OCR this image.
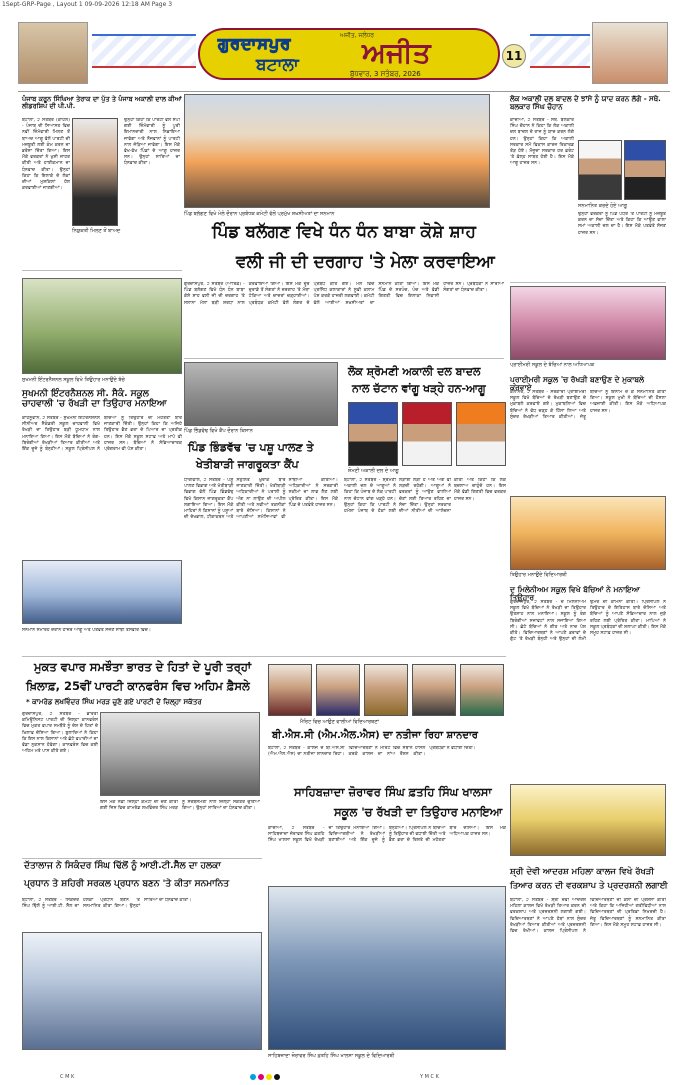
1Sept-GRP-Page , Layout 1 09-09-2026 12:18 AM Page 3
ਗੁਰਦਾਸਪੁਰ
ਬਟਾਲਾ
ਅਜੀਤ, ਜਲੰਧਰ
ਅਜੀਤ
ਬੁੱਧਵਾਰ, 3 ਸਤੰਬਰ, 2026
11
ਪੰਜਾਬ ਕਰੂਨ ਸਿੰਘਿਆ ਤੇਰਾਕ ਦਾ ਪੁੱਤ ਤੇ ਪੰਜਾਬ ਅਕਾਲੀ ਦਾਲ ਕੀਆਂ ਲੀਡਰਸ਼ਿਪ ਦੀ ਪੀ.ਪੀ.
ਬਟਾਲਾ, ੨ ਸਤੰਬਰ (ਕਾਹਲੋਂ) - ਪੰਜਾਬ ਦੀ ਸਿਆਸਤ ਵਿਚ ਨਵੀਂ ਜ਼ਿੰਮੇਵਾਰੀ ਮਿਲਣ ਤੋਂ ਬਾਅਦ ਆਗੂ ਵੱਲੋਂ ਪਾਰਟੀ ਦੀ ਮਜ਼ਬੂਤੀ ਲਈ ਕੰਮ ਕਰਨ ਦਾ ਭਰੋਸਾ ਦਿੱਤਾ ਗਿਆ। ਇਸ ਮੌਕੇ ਵਰਕਰਾਂ ਨੇ ਖੁਸ਼ੀ ਜ਼ਾਹਰ ਕੀਤੀ ਅਤੇ ਹਾਈਕਮਾਨ ਦਾ ਧੰਨਵਾਦ ਕੀਤਾ। ਉਨ੍ਹਾਂ ਕਿਹਾ ਕਿ ਇਲਾਕੇ ਦੇ ਲੋਕਾਂ ਦੀਆਂ ਮੁਸ਼ਕਿਲਾਂ ਹੱਲ ਕਰਵਾਈਆਂ ਜਾਣਗੀਆਂ।
ਨਿਯੁਕਤੀ ਮਿਲਣ ਤੋਂ ਬਾਅਦ
ਉਨ੍ਹਾਂ ਕਿਹਾ ਕਿ ਪਾਰਟੀ ਵੱਲੋਂ ਸੌਂਪੀ ਗਈ ਜ਼ਿੰਮੇਵਾਰੀ ਨੂੰ ਪੂਰੀ ਇਮਾਨਦਾਰੀ ਨਾਲ ਨਿਭਾਇਆ ਜਾਵੇਗਾ ਅਤੇ ਨੌਜਵਾਨਾਂ ਨੂੰ ਪਾਰਟੀ ਨਾਲ ਜੋੜਿਆ ਜਾਵੇਗਾ। ਇਸ ਮੌਕੇ ਵੱਖ-ਵੱਖ ਪਿੰਡਾਂ ਦੇ ਆਗੂ ਹਾਜ਼ਰ ਸਨ। ਉਨ੍ਹਾਂ ਸਾਰਿਆਂ ਦਾ ਧੰਨਵਾਦ ਕੀਤਾ।
ਸੁਖਮਨੀ ਇੰਟਰਨੈਸ਼ਨਲ ਸਕੂਲ ਵਿਖੇ ਤਿਉਹਾਰ ਮਨਾਉਂਦੇ ਬੱਚੇ
ਸੁਖਮਨੀ ਇੰਟਰਨੈਸ਼ਨਲ ਸੀ. ਸੈਕੰ. ਸਕੂਲ ਚਾਹਵਾਲੀ 'ਚ ਰੱਖੜੀ ਦਾ ਤਿਉਹਾਰ ਮਨਾਇਆ
ਕਾਹਨੂੰਵਾਨ, ੨ ਸਤੰਬਰ - ਸੁਖਮਨੀ ਇੰਟਰਨੈਸ਼ਨਲ ਸੀਨੀਅਰ ਸੈਕੰਡਰੀ ਸਕੂਲ ਚਾਹਵਾਲੀ ਵਿਖੇ ਰੱਖੜੀ ਦਾ ਤਿਉਹਾਰ ਬੜੀ ਧੂਮਧਾਮ ਨਾਲ ਮਨਾਇਆ ਗਿਆ। ਇਸ ਮੌਕੇ ਬੱਚਿਆਂ ਨੇ ਰੰਗ-ਬਿਰੰਗੀਆਂ ਰੱਖੜੀਆਂ ਤਿਆਰ ਕੀਤੀਆਂ ਅਤੇ ਇੱਕ ਦੂਜੇ ਨੂੰ ਬੰਨ੍ਹੀਆਂ। ਸਕੂਲ ਪ੍ਰਿੰਸੀਪਲ ਨੇ ਬੱਚਿਆਂ ਨੂੰ ਤਿਉਹਾਰ ਦੀ ਮਹੱਤਤਾ ਬਾਰੇ ਜਾਣਕਾਰੀ ਦਿੱਤੀ। ਉਨ੍ਹਾਂ ਕਿਹਾ ਕਿ ਅਜਿਹੇ ਤਿਉਹਾਰ ਭੈਣ ਭਰਾ ਦੇ ਪਿਆਰ ਦਾ ਪ੍ਰਤੀਕ ਹਨ। ਇਸ ਮੌਕੇ ਸਕੂਲ ਸਟਾਫ਼ ਅਤੇ ਮਾਪੇ ਵੀ ਹਾਜ਼ਰ ਸਨ। ਬੱਚਿਆਂ ਨੇ ਸੱਭਿਆਚਾਰਕ ਪ੍ਰੋਗਰਾਮ ਵੀ ਪੇਸ਼ ਕੀਤਾ।
ਸਨਮਾਨ ਸਮਾਰੋਹ ਦੌਰਾਨ ਹਾਜ਼ਰ ਆਗੂ ਅਤੇ ਪਤਵੰਤੇ ਸੱਜਣ ਸਾਂਝੀ ਤਸਵੀਰ ਵਿਚ।
ਪਿੰਡ ਬਲੱਗਣ ਵਿਖੇ ਮੇਲੇ ਦੌਰਾਨ ਪ੍ਰਬੰਧਕ ਕਮੇਟੀ ਵੱਲੋਂ ਪ੍ਰਮੁੱਖ ਸ਼ਖ਼ਸੀਅਤਾਂ ਦਾ ਸਨਮਾਨ
ਪਿੰਡ ਬਲੱਗਣ ਵਿਖੇ ਧੰਨ ਧੰਨ ਬਾਬਾ ਕੋਸ਼ੇ ਸ਼ਾਹ
ਵਲੀ ਜੀ ਦੀ ਦਰਗਾਹ 'ਤੇ ਮੇਲਾ ਕਰਵਾਇਆ
ਗੁਰਦਾਸਪੁਰ, ੨ ਸਤੰਬਰ (ਆਰਿਫ਼) - ਪਿੰਡ ਬਲੱਗਣ ਵਿਖੇ ਧੰਨ ਧੰਨ ਬਾਬਾ ਕੋਸ਼ੇ ਸ਼ਾਹ ਵਲੀ ਜੀ ਦੀ ਦਰਗਾਹ 'ਤੇ ਸਲਾਨਾ ਮੇਲਾ ਬੜੀ ਸ਼ਰਧਾ ਨਾਲ ਕਰਵਾਇਆ ਗਿਆ। ਇਸ ਮੌਕੇ ਦੂਰ ਦੁਰਾਡੇ ਤੋਂ ਸੰਗਤਾਂ ਨੇ ਦਰਗਾਹ 'ਤੇ ਮੱਥਾ ਟੇਕਿਆ ਅਤੇ ਚਾਦਰਾਂ ਚੜ੍ਹਾਈਆਂ। ਪ੍ਰਬੰਧਕ ਕਮੇਟੀ ਵੱਲੋਂ ਲੰਗਰ ਦੇ ਪ੍ਰਬੰਧ ਕੀਤੇ ਗਏ। ਮੇਲੇ ਵਿਚ ਪ੍ਰਸਿੱਧ ਕਲਾਕਾਰਾਂ ਨੇ ਸੂਫ਼ੀ ਕਲਾਮ ਪੇਸ਼ ਕਰਕੇ ਹਾਜ਼ਰੀ ਲਗਵਾਈ। ਕਮੇਟੀ ਵੱਲੋਂ ਆਈਆਂ ਸ਼ਖ਼ਸੀਅਤਾਂ ਦਾ ਸਨਮਾਨ ਕੀਤਾ ਗਿਆ। ਇਸ ਮੌਕੇ ਪਿੰਡ ਦੇ ਸਰਪੰਚ, ਪੰਚ ਅਤੇ ਵੱਡੀ ਗਿਣਤੀ ਵਿਚ ਇਲਾਕਾ ਨਿਵਾਸੀ ਹਾਜ਼ਰ ਸਨ। ਪ੍ਰਬੰਧਕਾਂ ਨੇ ਸਾਰੀਆਂ ਸੰਗਤਾਂ ਦਾ ਧੰਨਵਾਦ ਕੀਤਾ।
ਪਿੰਡ ਭਿੰਡਵੱਢ ਵਿਖੇ ਕੈਂਪ ਦੌਰਾਨ ਕਿਸਾਨ
ਪਿੰਡ ਭਿੰਡਵੱਢ 'ਚ ਪਸ਼ੂ ਪਾਲਣ ਤੇ
ਖੇਤੀਬਾੜੀ ਜਾਗਰੂਕਤਾ ਕੈਂਪ
ਧਾਰੀਵਾਲ, ੨ ਸਤੰਬਰ - ਪਸ਼ੂ ਪਾਲਣ ਵਿਭਾਗ ਅਤੇ ਖੇਤੀਬਾੜੀ ਵਿਭਾਗ ਵੱਲੋਂ ਪਿੰਡ ਭਿੰਡਵੱਢ ਵਿਖੇ ਕਿਸਾਨ ਜਾਗਰੂਕਤਾ ਕੈਂਪ ਲਗਾਇਆ ਗਿਆ। ਇਸ ਮੌਕੇ ਮਾਹਿਰਾਂ ਨੇ ਕਿਸਾਨਾਂ ਨੂੰ ਪਸ਼ੂਆਂ ਦੀ ਦੇਖਭਾਲ, ਟੀਕਾਕਰਨ ਅਤੇ ਸੰਤੁਲਿਤ ਖ਼ੁਰਾਕ ਬਾਰੇ ਜਾਣਕਾਰੀ ਦਿੱਤੀ। ਖੇਤੀਬਾੜੀ ਅਧਿਕਾਰੀਆਂ ਨੇ ਪਰਾਲੀ ਨੂੰ ਅੱਗ ਨਾ ਲਾਉਣ ਦੀ ਅਪੀਲ ਕੀਤੀ ਅਤੇ ਨਵੀਆਂ ਤਕਨੀਕਾਂ ਬਾਰੇ ਦੱਸਿਆ। ਕਿਸਾਨਾਂ ਨੇ ਆਪਣੀਆਂ ਸਮੱਸਿਆਵਾਂ ਵੀ ਸਾਂਝੀਆਂ ਕੀਤੀਆਂ। ਅਧਿਕਾਰੀਆਂ ਨੇ ਸਰਕਾਰੀ ਸਕੀਮਾਂ ਦਾ ਲਾਭ ਲੈਣ ਲਈ ਪ੍ਰੇਰਿਤ ਕੀਤਾ। ਇਸ ਮੌਕੇ ਪਿੰਡ ਦੇ ਪਤਵੰਤੇ ਹਾਜ਼ਰ ਸਨ।
ਲੋਕ ਸ਼੍ਰੋਮਣੀ ਅਕਾਲੀ ਦਲ ਬਾਦਲ
ਨਾਲ ਚੱਟਾਨ ਵਾਂਗੂ ਖੜ੍ਹੇ ਹਨ-ਆਗੂ
ਸ਼ੋਮਣੀ ਅਕਾਲੀ ਦਲ ਦੇ ਆਗੂ
ਬਟਾਲਾ, ੨ ਸਤੰਬਰ - ਸ਼੍ਰੋਮਣੀ ਅਕਾਲੀ ਦਲ ਦੇ ਆਗੂਆਂ ਨੇ ਕਿਹਾ ਕਿ ਪੰਜਾਬ ਦੇ ਲੋਕ ਪਾਰਟੀ ਨਾਲ ਚੱਟਾਨ ਵਾਂਗ ਖੜ੍ਹੇ ਹਨ। ਉਨ੍ਹਾਂ ਕਿਹਾ ਕਿ ਪਾਰਟੀ ਨੇ ਹਮੇਸ਼ਾ ਪੰਜਾਬ ਦੇ ਹੱਕਾਂ ਲਈ ਲੜਾਈ ਲੜੀ ਹੈ ਅਤੇ ਅੱਗੇ ਵੀ ਲੜਦੀ ਰਹੇਗੀ। ਆਗੂਆਂ ਨੇ ਵਰਕਰਾਂ ਨੂੰ ਆਉਣ ਵਾਲੀਆਂ ਚੋਣਾਂ ਲਈ ਤਿਆਰ ਰਹਿਣ ਦਾ ਸੱਦਾ ਦਿੱਤਾ। ਉਨ੍ਹਾਂ ਸਰਕਾਰ ਦੀਆਂ ਨੀਤੀਆਂ ਦੀ ਆਲੋਚਨਾ ਕੀਤੀ ਅਤੇ ਕਿਹਾ ਕਿ ਲੋਕ ਬਦਲਾਅ ਚਾਹੁੰਦੇ ਹਨ। ਇਸ ਮੌਕੇ ਵੱਡੀ ਗਿਣਤੀ ਵਿਚ ਵਰਕਰ ਹਾਜ਼ਰ ਸਨ।
ਲੋਕ ਅਕਾਲੀ ਦਲ ਬਾਦਲ ਦੇ ਝਾਂਸੇ ਨੂੰ ਯਾਦ ਕਰਨ ਲੱਗੇ - ਸਥੇ. ਬਲਕਾਰ ਸਿੰਘ ਚੌਹਾਨ
ਕਾਦੀਆਂ, ੨ ਸਤੰਬਰ - ਸਥੇ. ਬਲਕਾਰ ਸਿੰਘ ਚੌਹਾਨ ਨੇ ਕਿਹਾ ਕਿ ਲੋਕ ਅਕਾਲੀ ਦਲ ਬਾਦਲ ਦੇ ਰਾਜ ਨੂੰ ਯਾਦ ਕਰਨ ਲੱਗੇ ਹਨ। ਉਨ੍ਹਾਂ ਕਿਹਾ ਕਿ ਅਕਾਲੀ ਸਰਕਾਰ ਸਮੇਂ ਵਿਕਾਸ ਕਾਰਜ ਰਿਕਾਰਡ ਤੋੜ ਹੋਏ। ਮੌਜੂਦਾ ਸਰਕਾਰ ਹਰ ਫ਼ਰੰਟ 'ਤੇ ਫ਼ੇਲ੍ਹ ਸਾਬਤ ਹੋਈ ਹੈ। ਇਸ ਮੌਕੇ ਆਗੂ ਹਾਜ਼ਰ ਸਨ।
ਸਨਮਾਨਿਤ ਕਰਦੇ ਹੋਏ ਆਗੂ
ਉਨ੍ਹਾਂ ਵਰਕਰਾਂ ਨੂੰ ਪਿੰਡ ਪੱਧਰ 'ਤੇ ਪਾਰਟੀ ਨੂੰ ਮਜ਼ਬੂਤ ਕਰਨ ਦਾ ਸੱਦਾ ਦਿੱਤਾ ਅਤੇ ਕਿਹਾ ਕਿ ਆਉਣ ਵਾਲਾ ਸਮਾਂ ਅਕਾਲੀ ਦਲ ਦਾ ਹੈ। ਇਸ ਮੌਕੇ ਪਤਵੰਤੇ ਸੱਜਣ ਹਾਜ਼ਰ ਸਨ।
ਪ੍ਰਾਈਮਰੀ ਸਕੂਲ ਦੇ ਬੱਚਿਆਂ ਨਾਲ ਅਧਿਆਪਕ
ਪ੍ਰਾਈਮਰੀ ਸਕੂਲ 'ਚ ਰੱਖੜੀ ਬਣਾਉਣ ਦੇ ਮੁਕਾਬਲੇ ਕਰਵਾਏ
ਕਲਾਨੌਰ, ੨ ਸਤੰਬਰ - ਸਰਕਾਰੀ ਪ੍ਰਾਈਮਰੀ ਸਕੂਲ ਵਿਖੇ ਬੱਚਿਆਂ ਦੇ ਰੱਖੜੀ ਬਣਾਉਣ ਦੇ ਮੁਕਾਬਲੇ ਕਰਵਾਏ ਗਏ। ਮੁਕਾਬਲਿਆਂ ਵਿਚ ਬੱਚਿਆਂ ਨੇ ਵੱਧ ਚੜ੍ਹ ਕੇ ਹਿੱਸਾ ਲਿਆ ਅਤੇ ਸੁੰਦਰ ਰੱਖੜੀਆਂ ਤਿਆਰ ਕੀਤੀਆਂ। ਜੇਤੂ ਬੱਚਿਆਂ ਨੂੰ ਇਨਾਮ ਦੇ ਕੇ ਸਨਮਾਨਿਤ ਕੀਤਾ ਗਿਆ। ਸਕੂਲ ਮੁਖੀ ਨੇ ਬੱਚਿਆਂ ਦੀ ਹੌਸਲਾ ਅਫ਼ਜ਼ਾਈ ਕੀਤੀ। ਇਸ ਮੌਕੇ ਅਧਿਆਪਕ ਹਾਜ਼ਰ ਸਨ।
ਤਿਉਹਾਰ ਮਨਾਉਂਦੇ ਵਿਦਿਆਰਥੀ
ਦ ਮਿਲੇਨੀਅਮ ਸਕੂਲ ਵਿਖੇ ਬੱਚਿਆਂ ਨੇ ਮਨਾਇਆ ਤਿਉਹਾਰ
ਗੁਰਦਾਸਪੁਰ, ੨ ਸਤੰਬਰ - ਦ ਮਿਲੇਨੀਅਮ ਸਕੂਲ ਵਿਖੇ ਬੱਚਿਆਂ ਨੇ ਰੱਖੜੀ ਦਾ ਤਿਉਹਾਰ ਉਤਸ਼ਾਹ ਨਾਲ ਮਨਾਇਆ। ਸਕੂਲ ਨੂੰ ਰੰਗ ਬਿਰੰਗੀਆਂ ਸਜਾਵਟਾਂ ਨਾਲ ਸਜਾਇਆ ਗਿਆ ਸੀ। ਛੋਟੇ ਬੱਚਿਆਂ ਨੇ ਗੀਤ ਅਤੇ ਨਾਚ ਪੇਸ਼ ਕੀਤੇ। ਵਿਦਿਆਰਥਣਾਂ ਨੇ ਆਪਣੇ ਭਰਾਵਾਂ ਦੇ ਗੁੱਟ 'ਤੇ ਰੱਖੜੀ ਬੰਨ੍ਹੀ ਅਤੇ ਉਨ੍ਹਾਂ ਦੀ ਲੰਮੀ ਉਮਰ ਦੀ ਕਾਮਨਾ ਕੀਤੀ। ਪ੍ਰਿੰਸੀਪਲ ਨੇ ਤਿਉਹਾਰ ਦੇ ਇਤਿਹਾਸ ਬਾਰੇ ਦੱਸਿਆ ਅਤੇ ਬੱਚਿਆਂ ਨੂੰ ਆਪਣੇ ਸੱਭਿਆਚਾਰ ਨਾਲ ਜੁੜੇ ਰਹਿਣ ਲਈ ਪ੍ਰੇਰਿਤ ਕੀਤਾ। ਮਾਪਿਆਂ ਨੇ ਸਕੂਲ ਪ੍ਰਬੰਧਕਾਂ ਦੀ ਸ਼ਲਾਘਾ ਕੀਤੀ। ਇਸ ਮੌਕੇ ਸਮੂਹ ਸਟਾਫ਼ ਹਾਜ਼ਰ ਸੀ।
ਸ਼੍ਰੀ ਦੇਵੀ ਆਦਰਸ਼ ਮਹਿਲਾ ਕਾਲਜ ਵਿਖੇ ਰੱਖੜੀ
ਤਿਆਰ ਕਰਨ ਦੀ ਵਰਕਸ਼ਾਪ ਤੇ ਪ੍ਰਦਰਸ਼ਨੀ ਲਗਾਈ
ਬਟਾਲਾ, ੨ ਸਤੰਬਰ - ਸ਼੍ਰੀ ਦੇਵੀ ਆਦਰਸ਼ ਮਹਿਲਾ ਕਾਲਜ ਵਿਖੇ ਰੱਖੜੀ ਤਿਆਰ ਕਰਨ ਦੀ ਵਰਕਸ਼ਾਪ ਅਤੇ ਪ੍ਰਦਰਸ਼ਨੀ ਲਗਾਈ ਗਈ। ਵਿਦਿਆਰਥਣਾਂ ਨੇ ਆਪਣੇ ਹੱਥਾਂ ਨਾਲ ਸੁੰਦਰ ਰੱਖੜੀਆਂ ਤਿਆਰ ਕੀਤੀਆਂ ਅਤੇ ਪ੍ਰਦਰਸ਼ਨੀ ਵਿਚ ਰੱਖੀਆਂ। ਕਾਲਜ ਪ੍ਰਿੰਸੀਪਲ ਨੇ ਵਿਦਿਆਰਥਣਾਂ ਦੀ ਕਲਾ ਦੀ ਪ੍ਰਸ਼ੰਸਾ ਕੀਤੀ ਅਤੇ ਕਿਹਾ ਕਿ ਅਜਿਹੀਆਂ ਗਤੀਵਿਧੀਆਂ ਨਾਲ ਵਿਦਿਆਰਥਣਾਂ ਦੀ ਪ੍ਰਤਿਭਾ ਨਿਖਰਦੀ ਹੈ। ਜੇਤੂ ਵਿਦਿਆਰਥਣਾਂ ਨੂੰ ਸਨਮਾਨਿਤ ਕੀਤਾ ਗਿਆ। ਇਸ ਮੌਕੇ ਸਮੂਹ ਸਟਾਫ਼ ਹਾਜ਼ਰ ਸੀ।
ਮੁਕਤ ਵਪਾਰ ਸਮਝੌਤਾ ਭਾਰਤ ਦੇ ਹਿਤਾਂ ਦੇ ਪੂਰੀ ਤਰ੍ਹਾਂ
ਖ਼ਿਲਾਫ਼, 25ਵੀਂ ਪਾਰਟੀ ਕਾਨਫਰੰਸ ਵਿਚ ਅਹਿਮ ਫ਼ੈਸਲੇ
* ਕਾਮਰੇਡ ਲਖਵਿੰਦਰ ਸਿੰਘ ਮਰੜ ਚੁਣੇ ਗਏ ਪਾਰਟੀ ਦੇ ਜ਼ਿਲ੍ਹਾ ਸਕੱਤਰ
ਗੁਰਦਾਸਪੁਰ, ੨ ਸਤੰਬਰ - ਭਾਰਤੀ ਕਮਿਊਨਿਸਟ ਪਾਰਟੀ ਦੀ ਜ਼ਿਲ੍ਹਾ ਕਾਨਫਰੰਸ ਵਿਚ ਮੁਕਤ ਵਪਾਰ ਸਮਝੌਤੇ ਨੂੰ ਦੇਸ਼ ਦੇ ਹਿਤਾਂ ਦੇ ਖ਼ਿਲਾਫ਼ ਦੱਸਿਆ ਗਿਆ। ਬੁਲਾਰਿਆਂ ਨੇ ਕਿਹਾ ਕਿ ਇਸ ਨਾਲ ਕਿਸਾਨਾਂ ਅਤੇ ਛੋਟੇ ਵਪਾਰੀਆਂ ਦਾ ਵੱਡਾ ਨੁਕਸਾਨ ਹੋਵੇਗਾ। ਕਾਨਫਰੰਸ ਵਿਚ ਕਈ ਅਹਿਮ ਮਤੇ ਪਾਸ ਕੀਤੇ ਗਏ।
ਇਸ ਮੌਕੇ ਨਵੀਂ ਜ਼ਿਲ੍ਹਾ ਕਮੇਟੀ ਦੀ ਚੋਣ ਕੀਤੀ ਗਈ ਜਿਸ ਵਿਚ ਕਾਮਰੇਡ ਲਖਵਿੰਦਰ ਸਿੰਘ ਮਰੜ ਨੂੰ ਸਰਬਸੰਮਤੀ ਨਾਲ ਜ਼ਿਲ੍ਹਾ ਸਕੱਤਰ ਚੁਣਿਆ ਗਿਆ। ਉਨ੍ਹਾਂ ਸਾਰਿਆਂ ਦਾ ਧੰਨਵਾਦ ਕੀਤਾ।
ਮੈਰਿਟ ਵਿਚ ਆਉਣ ਵਾਲੀਆਂ ਵਿਦਿਆਰਥਣਾਂ
ਬੀ.ਐਸ.ਸੀ (ਐਮ.ਐਲ.ਐਸ) ਦਾ ਨਤੀਜਾ ਰਿਹਾ ਸ਼ਾਨਦਾਰ
ਬਟਾਲਾ, ੨ ਸਤੰਬਰ - ਕਾਲਜ ਦੇ ਬੀ.ਐਸ.ਸੀ (ਐਮ.ਐਲ.ਐਸ) ਦਾ ਨਤੀਜਾ ਸ਼ਾਨਦਾਰ ਰਿਹਾ। ਵਿਦਿਆਰਥਣਾਂ ਨੇ ਮੈਰਿਟ ਵਿਚ ਸਥਾਨ ਹਾਸਲ ਕਰਕੇ ਕਾਲਜ ਦਾ ਨਾਂਅ ਰੌਸ਼ਨ ਕੀਤਾ। ਪ੍ਰਬੰਧਕਾਂ ਨੇ ਵਧਾਈ ਦਿੱਤੀ।
ਸਾਹਿਬਜ਼ਾਦਾ ਜ਼ੋਰਾਵਰ ਸਿੰਘ ਫ਼ਤਹਿ ਸਿੰਘ ਖਾਲਸਾ
ਸਕੂਲ 'ਚ ਰੱਖੜੀ ਦਾ ਤਿਉਹਾਰ ਮਨਾਇਆ
ਕਾਦੀਆਂ, ੨ ਸਤੰਬਰ - ਸਾਹਿਬਜ਼ਾਦਾ ਜ਼ੋਰਾਵਰ ਸਿੰਘ ਫ਼ਤਹਿ ਸਿੰਘ ਖਾਲਸਾ ਸਕੂਲ ਵਿਖੇ ਰੱਖੜੀ ਦਾ ਤਿਉਹਾਰ ਮਨਾਇਆ ਗਿਆ। ਵਿਦਿਆਰਥੀਆਂ ਨੇ ਰੱਖੜੀਆਂ ਬਣਾਈਆਂ ਅਤੇ ਇੱਕ ਦੂਜੇ ਨੂੰ ਬੰਨ੍ਹੀਆਂ। ਪ੍ਰਿੰਸੀਪਲ ਨੇ ਬੱਚਿਆਂ ਨੂੰ ਤਿਉਹਾਰ ਦੀ ਵਧਾਈ ਦਿੱਤੀ ਅਤੇ ਭੈਣ ਭਰਾ ਦੇ ਰਿਸ਼ਤੇ ਦੀ ਮਹੱਤਤਾ ਬਾਰੇ ਦੱਸਿਆ। ਇਸ ਮੌਕੇ ਅਧਿਆਪਕ ਹਾਜ਼ਰ ਸਨ।
ਸਾਹਿਬਜ਼ਾਦਾ ਜ਼ੋਰਾਵਰ ਸਿੰਘ ਫ਼ਤਹਿ ਸਿੰਘ ਖਾਲਸਾ ਸਕੂਲ ਦੇ ਵਿਦਿਆਰਥੀ
ਦੱਤਾਲਾਜ ਨੇ ਸਿਕੰਦਰ ਸਿੰਘ ਢਿੱਲੋਂ ਨੂੰ ਆਈ.ਟੀ.ਸੈੱਲ ਦਾ ਹਲਕਾ
ਪ੍ਰਧਾਨ ਤੇ ਸ਼ਹਿਰੀ ਸਰਕਲ ਪ੍ਰਧਾਨ ਬਣਨ 'ਤੇ ਕੀਤਾ ਸਨਮਾਨਿਤ
ਬਟਾਲਾ, ੨ ਸਤੰਬਰ - ਸਿਕੰਦਰ ਸਿੰਘ ਢਿੱਲੋਂ ਨੂੰ ਆਈ.ਟੀ. ਸੈੱਲ ਦਾ ਹਲਕਾ ਪ੍ਰਧਾਨ ਬਣਨ 'ਤੇ ਸਨਮਾਨਿਤ ਕੀਤਾ ਗਿਆ। ਉਨ੍ਹਾਂ ਸਾਰਿਆਂ ਦਾ ਧੰਨਵਾਦ ਕੀਤਾ।
C M K	Y M C K
